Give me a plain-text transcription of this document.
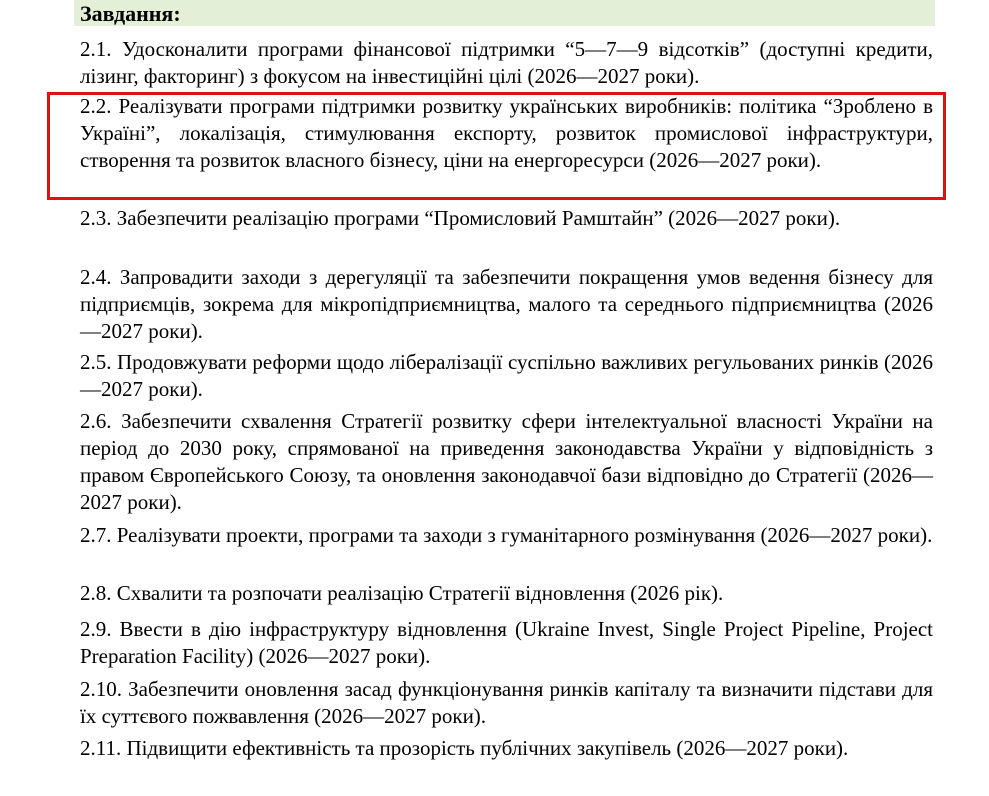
Завдання:

2.1. Удосконалити програми фінансової підтримки “5—7—9 відсотків” (доступні кредити, лізинг, факторинг) з фокусом на інвестиційні цілі (2026—2027 роки).

2.2. Реалізувати програми підтримки розвитку українських виробників: політика “Зроблено в Україні”, локалізація, стимулювання експорту, розвиток промислової інфраструктури, створення та розвиток власного бізнесу, ціни на енергоресурси (2026—2027 роки).

2.3. Забезпечити реалізацію програми “Промисловий Рамштайн” (2026—2027 роки).

2.4. Запровадити заходи з дерегуляції та забезпечити покращення умов ведення бізнесу для підприємців, зокрема для мікропідприємництва, малого та середнього підприємництва (2026—2027 роки).

2.5. Продовжувати реформи щодо лібералізації суспільно важливих регульованих ринків (2026—2027 роки).

2.6. Забезпечити схвалення Стратегії розвитку сфери інтелектуальної власності України на період до 2030 року, спрямованої на приведення законодавства України у відповідність з правом Європейського Союзу, та оновлення законодавчої бази відповідно до Стратегії (2026—2027 роки).

2.7. Реалізувати проекти, програми та заходи з гуманітарного розмінування (2026—2027 роки).

2.8. Схвалити та розпочати реалізацію Стратегії відновлення (2026 рік).

2.9. Ввести в дію інфраструктуру відновлення (Ukraine Invest, Single Project Pipeline, Project Preparation Facility) (2026—2027 роки).

2.10. Забезпечити оновлення засад функціонування ринків капіталу та визначити підстави для їх суттєвого пожвавлення (2026—2027 роки).

2.11. Підвищити ефективність та прозорість публічних закупівель (2026—2027 роки).
